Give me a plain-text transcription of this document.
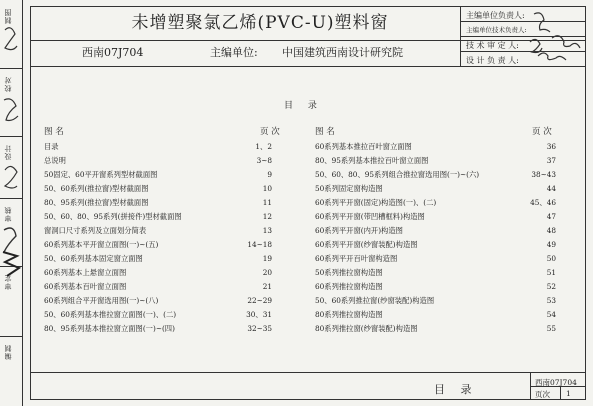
制图
校对
设计
审核
审定
编制
未增塑聚氯乙烯(PVC-U)塑料窗
西南07J704	主编单位: 中国建筑西南设计研究院
主编单位负责人:
主编单位技术负责人:
技 术 审 定 人:
设 计 负 责 人:
目 录
图 名	页 次	图 名	页 次
目录	1、2
总说明	3~8
50固定、60平开窗系列型材截面图	9
50、60系列(推拉窗)型材截面图	10
80、95系列(推拉窗)型材截面图	11
50、60、80、95系列(拼接件)型材截面图	12
窗洞口尺寸系列及立面划分简表	13
60系列基本平开窗立面图(一)~(五)	14~18
50、60系列基本固定窗立面图	19
60系列基本上悬窗立面图	20
60系列基本百叶窗立面图	21
60系列组合平开窗选用图(一)~(八)	22~29
50、60系列基本推拉窗立面图(一)、(二)	30、31
80、95系列基本推拉窗立面图(一)~(四)	32~35
60系列基本推拉百叶窗立面图	36
80、95系列基本推拉百叶窗立面图	37
50、60、80、95系列组合推拉窗选用图(一)~(六)	38~43
50系列固定窗构造图	44
60系列平开窗(固定)构造图(一)、(二)	45、46
60系列平开窗(带凹槽框料)构造图	47
60系列平开窗(内开)构造图	48
60系列平开窗(纱窗装配)构造图	49
60系列平开百叶窗构造图	50
50系列推拉窗构造图	51
60系列推拉窗构造图	52
50、60系列推拉窗(纱窗装配)构造图	53
80系列推拉窗构造图	54
80系列推拉窗(纱窗装配)构造图	55
目 录
西南07J704
页次 1
